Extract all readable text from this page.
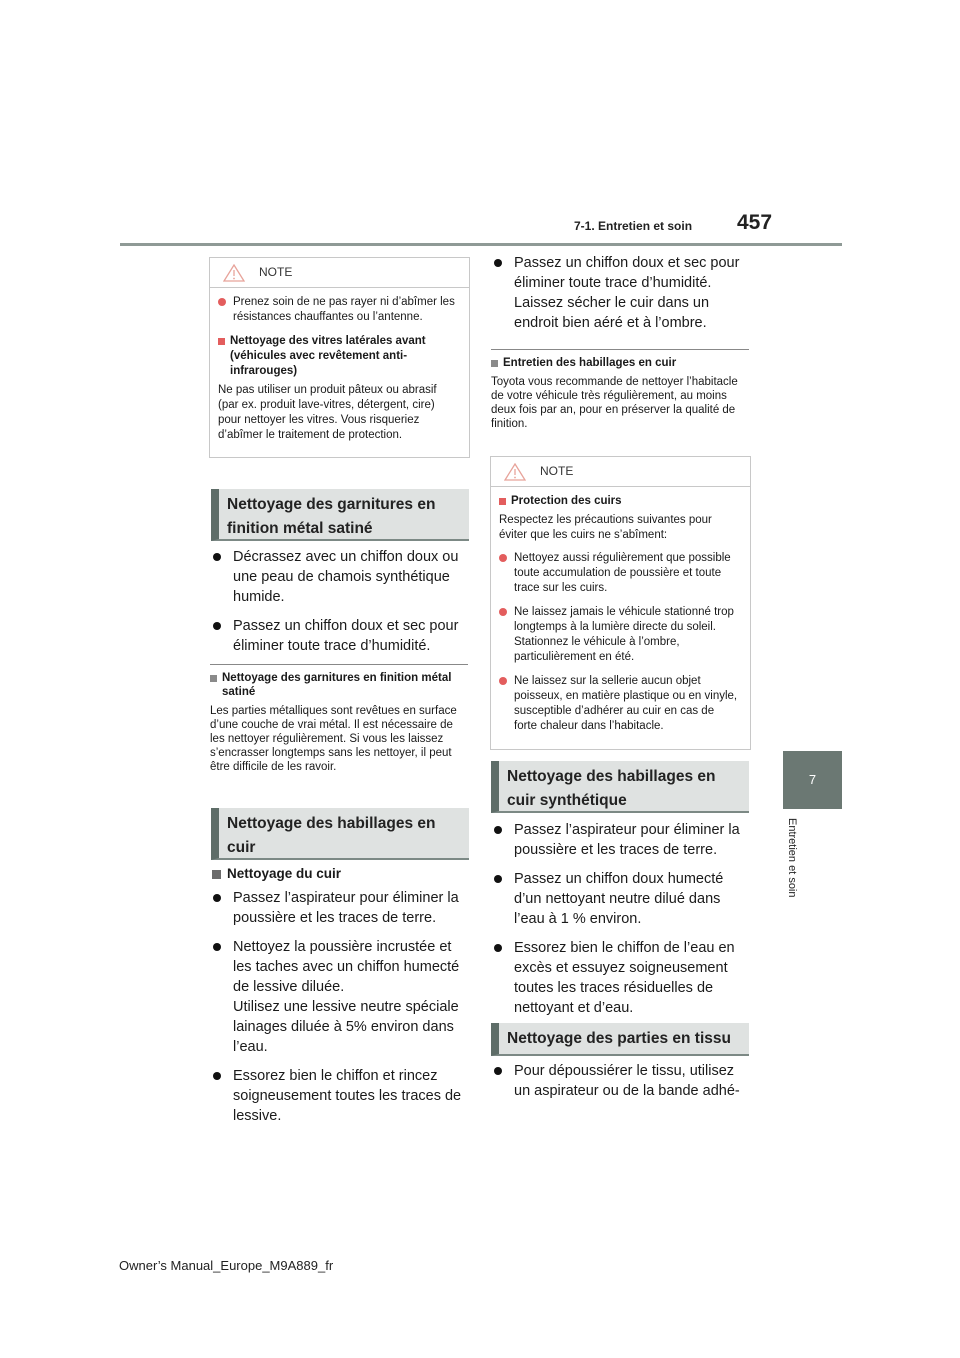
7-1. Entretien et soin 457
7
Entretien et soin
NOTE
Prenez soin de ne pas rayer ni d’abîmer les résistances chauffantes ou l’antenne.
Nettoyage des vitres latérales avant (véhicules avec revêtement anti-infrarouges)

Ne pas utiliser un produit pâteux ou abrasif (par ex. produit lave-vitres, détergent, cire) pour nettoyer les vitres. Vous risqueriez d’abîmer le traitement de protection.

Nettoyage des garnitures en finition métal satiné
Décrassez avec un chiffon doux ou une peau de chamois synthétique humide.
Passez un chiffon doux et sec pour éliminer toute trace d’humidité.
Nettoyage des garnitures en finition métal satiné

Les parties métalliques sont revêtues en surface d’une couche de vrai métal. Il est nécessaire de les nettoyer régulièrement. Si vous les laissez s’encrasser longtemps sans les nettoyer, il peut être difficile de les ravoir.

Nettoyage des habillages en cuir
Nettoyage du cuir
Passez l’aspirateur pour éliminer la poussière et les traces de terre.
Nettoyez la poussière incrustée et les taches avec un chiffon humecté de lessive diluée.
Utilisez une lessive neutre spéciale lainages diluée à 5% environ dans l’eau.
Essorez bien le chiffon et rincez soigneusement toutes les traces de lessive.
Passez un chiffon doux et sec pour éliminer toute trace d’humidité. Laissez sécher le cuir dans un endroit bien aéré et à l’ombre.
Entretien des habillages en cuir

Toyota vous recommande de nettoyer l’habitacle de votre véhicule très régulièrement, au moins deux fois par an, pour en préserver la qualité de finition.

NOTE
Protection des cuirs

Respectez les précautions suivantes pour éviter que les cuirs ne s’abîment:

Nettoyez aussi régulièrement que possible toute accumulation de poussière et toute trace sur les cuirs.
Ne laissez jamais le véhicule stationné trop longtemps à la lumière directe du soleil. Stationnez le véhicule à l’ombre, particulièrement en été.
Ne laissez sur la sellerie aucun objet poisseux, en matière plastique ou en vinyle, susceptible d’adhérer au cuir en cas de forte chaleur dans l’habitacle.
Nettoyage des habillages en cuir synthétique
Passez l’aspirateur pour éliminer la poussière et les traces de terre.
Passez un chiffon doux humecté d’un nettoyant neutre dilué dans l’eau à 1 % environ.
Essorez bien le chiffon de l’eau en excès et essuyez soigneusement toutes les traces résiduelles de nettoyant et d’eau.
Nettoyage des parties en tissu
Pour dépoussiérer le tissu, utilisez un aspirateur ou de la bande adhé-
Owner’s Manual_Europe_M9A889_fr
